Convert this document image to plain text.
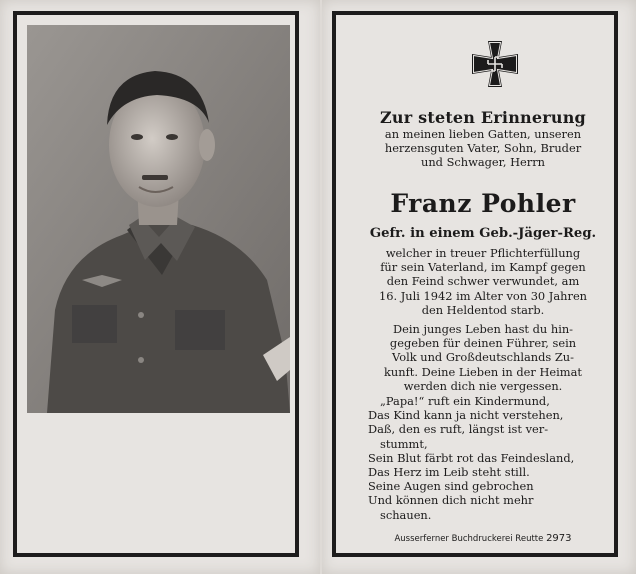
Zur steten Erinnerung
an meinen lieben Gatten, unseren
herzensguten Vater, Sohn, Bruder
und Schwager, Herrn
Franz Pohler
Gefr. in einem Geb.-Jäger-Reg.
welcher in treuer Pflichterfüllung
für sein Vaterland, im Kampf gegen
den Feind schwer verwundet, am
16. Juli 1942 im Alter von 30 Jahren
den Heldentod starb.
Dein junges Leben hast du hin-
gegeben für deinen Führer, sein
Volk und Großdeutschlands Zu-
kunft. Deine Lieben in der Heimat
werden dich nie vergessen.
„Papa!“ ruft ein Kindermund,
Das Kind kann ja nicht verstehen,
Daß, den es ruft, längst ist ver-
stummt,
Sein Blut färbt rot das Feindesland,
Das Herz im Leib steht still.
Seine Augen sind gebrochen
Und können dich nicht mehr
schauen.
Ausserferner Buchdruckerei Reutte 2973
